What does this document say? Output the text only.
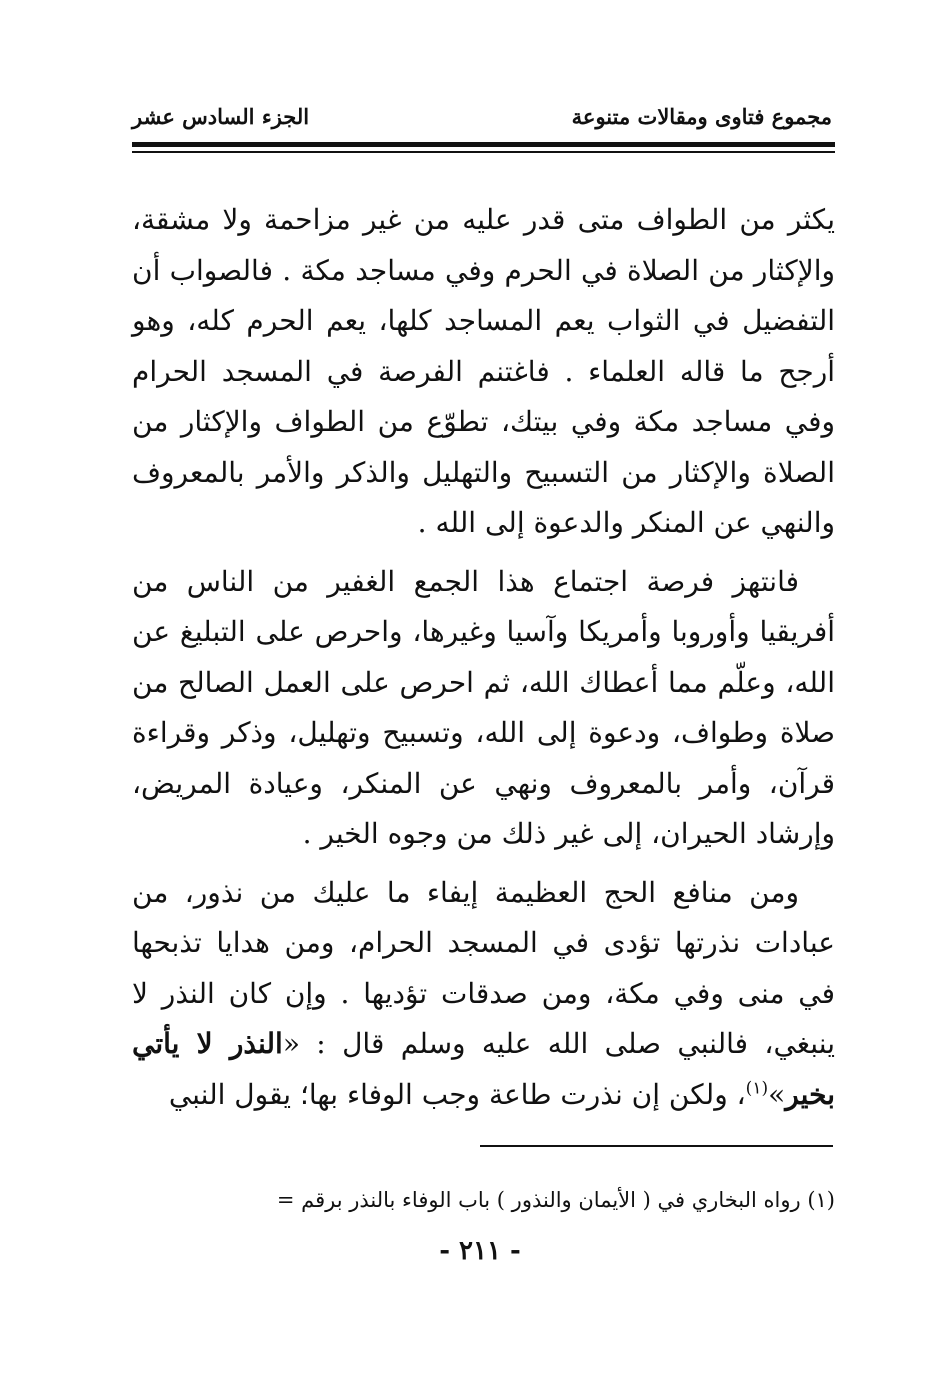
مجموع فتاوى ومقالات متنوعة
الجزء السادس عشر

يكثر من الطواف متى قدر عليه من غير مزاحمة ولا مشقة، والإكثار من الصلاة في الحرم وفي مساجد مكة . فالصواب أن التفضيل في الثواب يعم المساجد كلها، يعم الحرم كله، وهو أرجح ما قاله العلماء . فاغتنم الفرصة في المسجد الحرام وفي مساجد مكة وفي بيتك، تطوّع من الطواف والإكثار من الصلاة والإكثار من التسبيح والتهليل والذكر والأمر بالمعروف والنهي عن المنكر والدعوة إلى الله .

فانتهز فرصة اجتماع هذا الجمع الغفير من الناس من أفريقيا وأوروبا وأمريكا وآسيا وغيرها، واحرص على التبليغ عن الله، وعلّم مما أعطاك الله، ثم احرص على العمل الصالح من صلاة وطواف، ودعوة إلى الله، وتسبيح وتهليل، وذكر وقراءة قرآن، وأمر بالمعروف ونهي عن المنكر، وعيادة المريض، وإرشاد الحيران، إلى غير ذلك من وجوه الخير .

ومن منافع الحج العظيمة إيفاء ما عليك من نذور، من عبادات نذرتها تؤدى في المسجد الحرام، ومن هدايا تذبحها في منى وفي مكة، ومن صدقات تؤديها . وإن كان النذر لا ينبغي، فالنبي صلى الله عليه وسلم قال : «النذر لا يأتي بخير»$^{(١)}$، ولكن إن نذرت طاعة وجب الوفاء بها؛ يقول النبي

(١) رواه البخاري في ( الأيمان والنذور ) باب الوفاء بالنذر برقم =
- ٢١١ -
